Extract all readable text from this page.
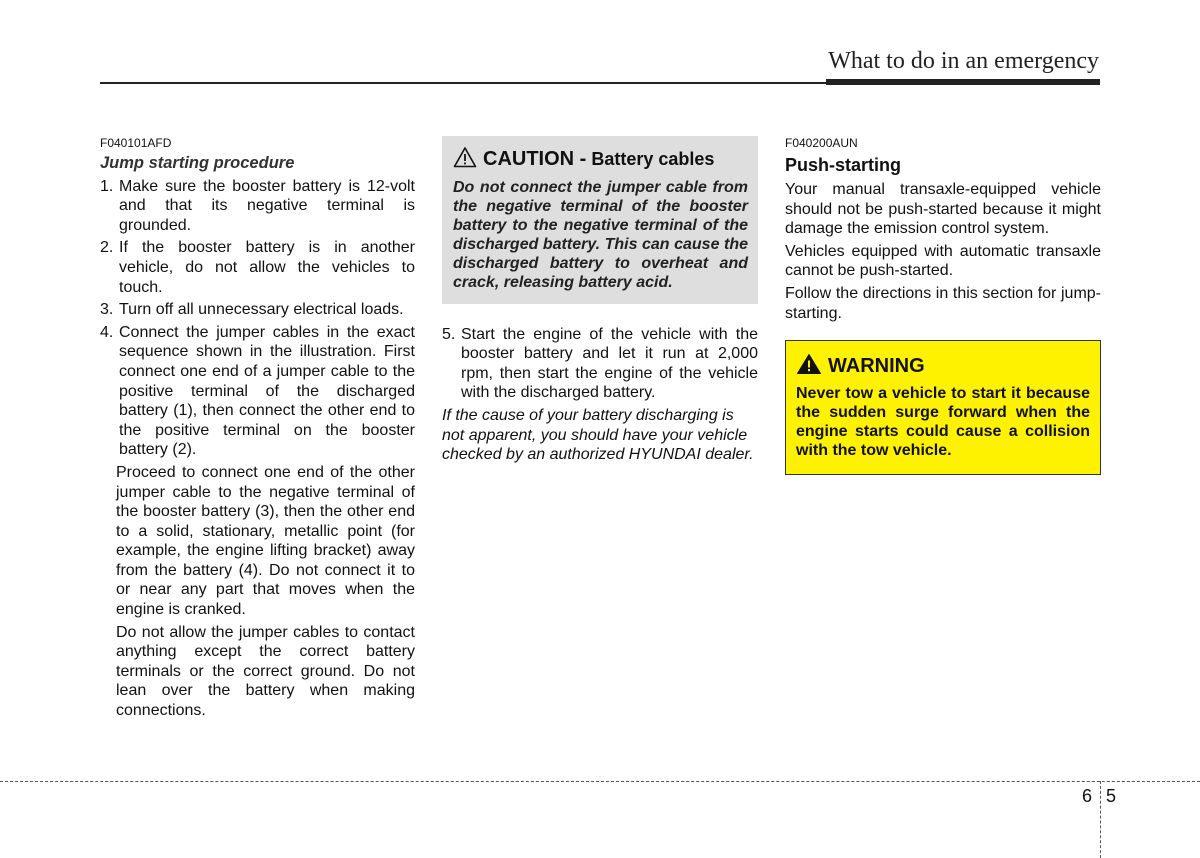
What to do in an emergency
F040101AFD
Jump starting procedure
1. Make sure the booster battery is 12-volt and that its negative terminal is grounded.
2. If the booster battery is in another vehicle, do not allow the vehicles to touch.
3. Turn off all unnecessary electrical loads.
4. Connect the jumper cables in the exact sequence shown in the illustration. First connect one end of a jumper cable to the positive terminal of the discharged battery (1), then connect the other end to the positive terminal on the booster battery (2).

Proceed to connect one end of the other jumper cable to the negative terminal of the booster battery (3), then the other end to a solid, stationary, metallic point (for example, the engine lifting bracket) away from the battery (4). Do not connect it to or near any part that moves when the engine is cranked.

Do not allow the jumper cables to contact anything except the correct battery terminals or the correct ground. Do not lean over the battery when making connections.

CAUTION - Battery cables
Do not connect the jumper cable from the negative terminal of the booster battery to the negative terminal of the discharged battery. This can cause the discharged battery to overheat and crack, releasing battery acid.
5. Start the engine of the vehicle with the booster battery and let it run at 2,000 rpm, then start the engine of the vehicle with the discharged battery.

If the cause of your battery discharging is not apparent, you should have your vehicle checked by an authorized HYUNDAI dealer.

F040200AUN
Push-starting

Your manual transaxle-equipped vehicle should not be push-started because it might damage the emission control system.

Vehicles equipped with automatic transaxle cannot be push-started.

Follow the directions in this section for jump-starting.

WARNING
Never tow a vehicle to start it because the sudden surge forward when the engine starts could cause a collision with the tow vehicle.
6 5
